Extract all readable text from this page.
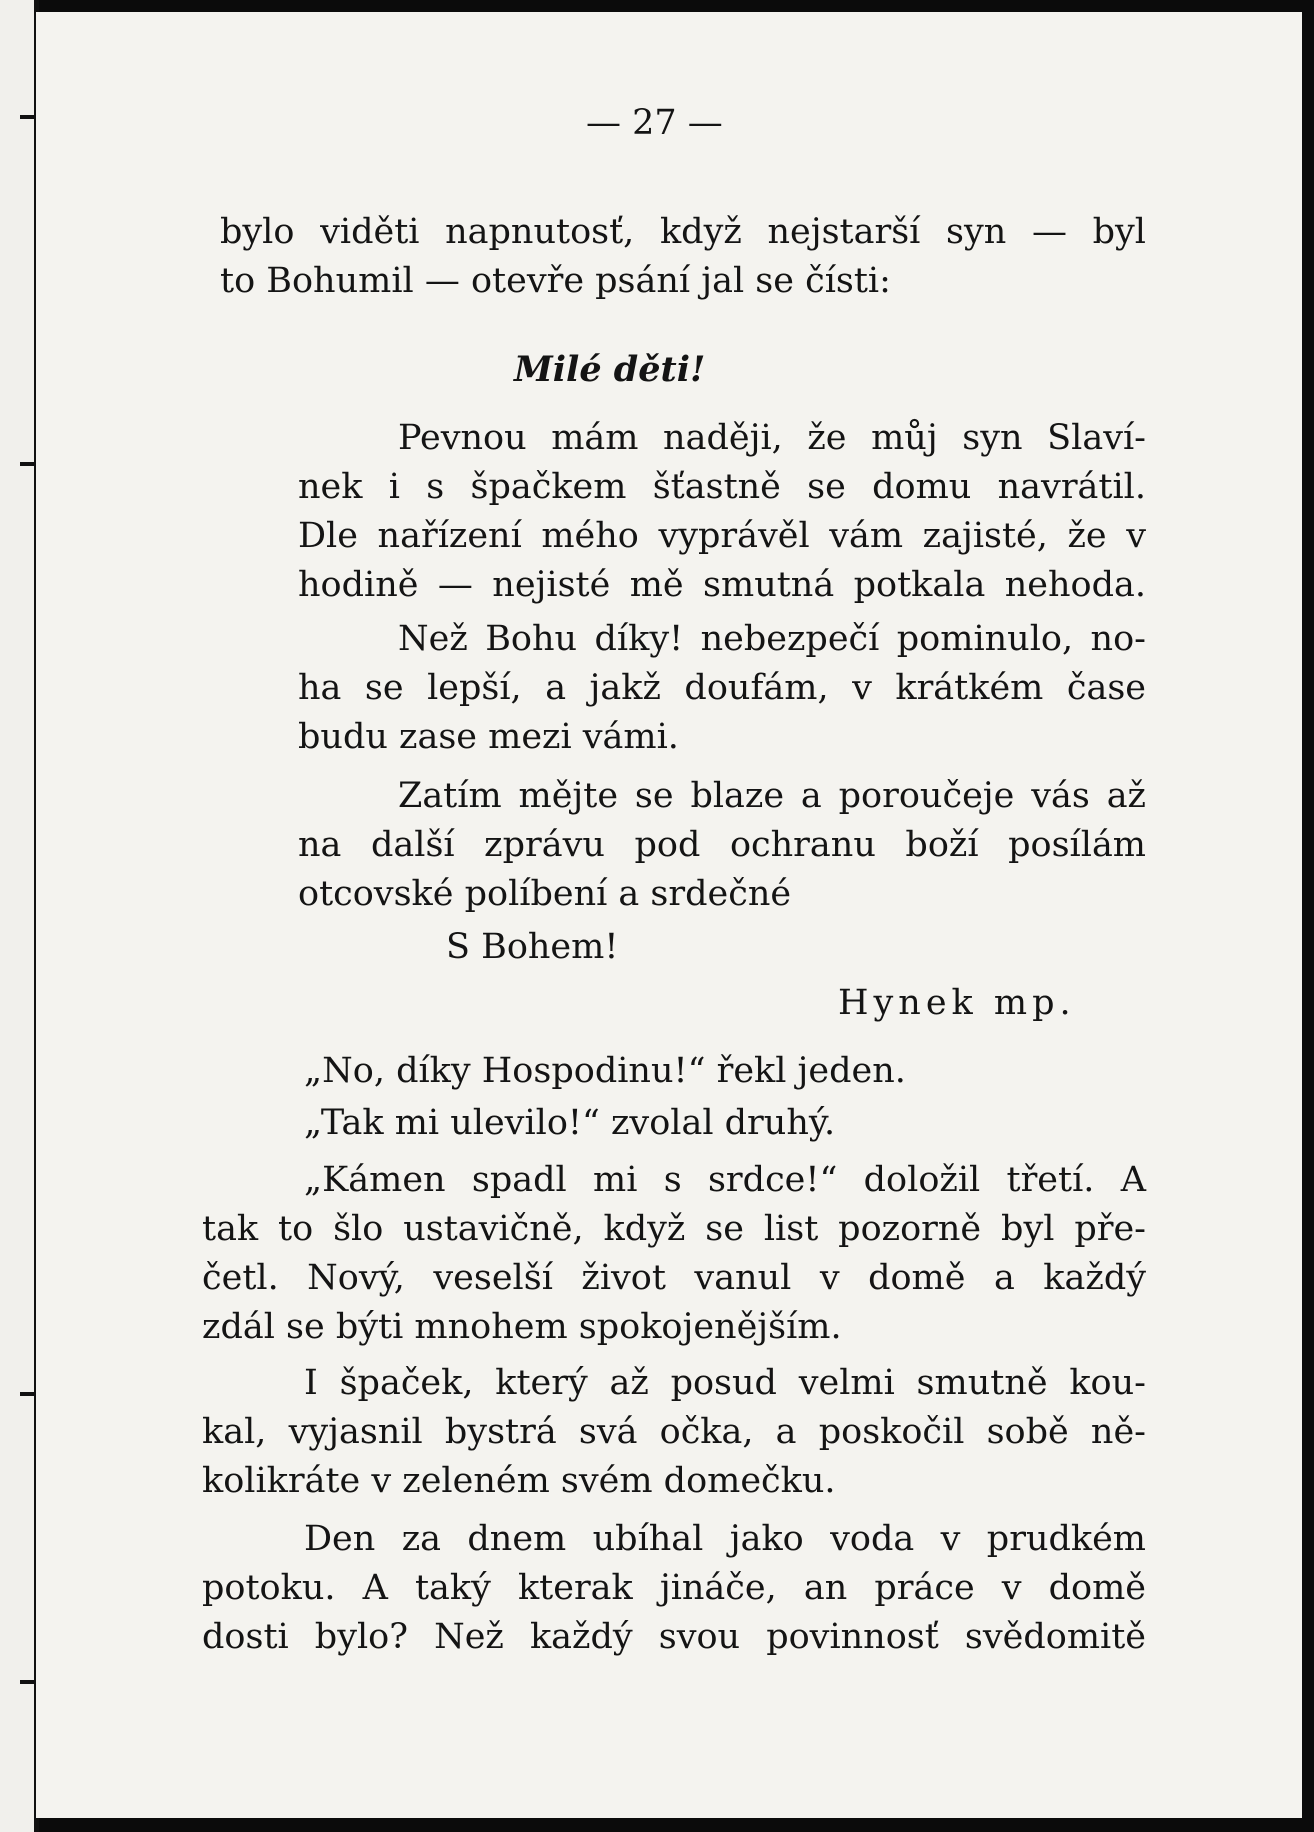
— 27 —

bylo viděti napnutosť, když nejstarší syn — byl

to Bohumil — otevře psání jal se čísti:

Milé děti!

Pevnou mám naději, že můj syn Slaví-

nek i s špačkem šťastně se domu navrátil.

Dle nařízení mého vyprávěl vám zajisté, že v

hodině — nejisté mě smutná potkala nehoda.

Než Bohu díky! nebezpečí pominulo, no-

ha se lepší, a jakž doufám, v krátkém čase

budu zase mezi vámi.

Zatím mějte se blaze a poroučeje vás až

na další zprávu pod ochranu boží posílám

otcovské políbení a srdečné

S Bohem!

Hynek mp.

„No, díky Hospodinu!“ řekl jeden.

„Tak mi ulevilo!“ zvolal druhý.

„Kámen spadl mi s srdce!“ doložil třetí. A

tak to šlo ustavičně, když se list pozorně byl pře-

četl. Nový, veselší život vanul v domě a každý

zdál se býti mnohem spokojenějším.

I špaček, který až posud velmi smutně kou-

kal, vyjasnil bystrá svá očka, a poskočil sobě ně-

kolikráte v zeleném svém domečku.

Den za dnem ubíhal jako voda v prudkém

potoku. A taký kterak jináče, an práce v domě

dosti bylo? Než každý svou povinnosť svědomitě
